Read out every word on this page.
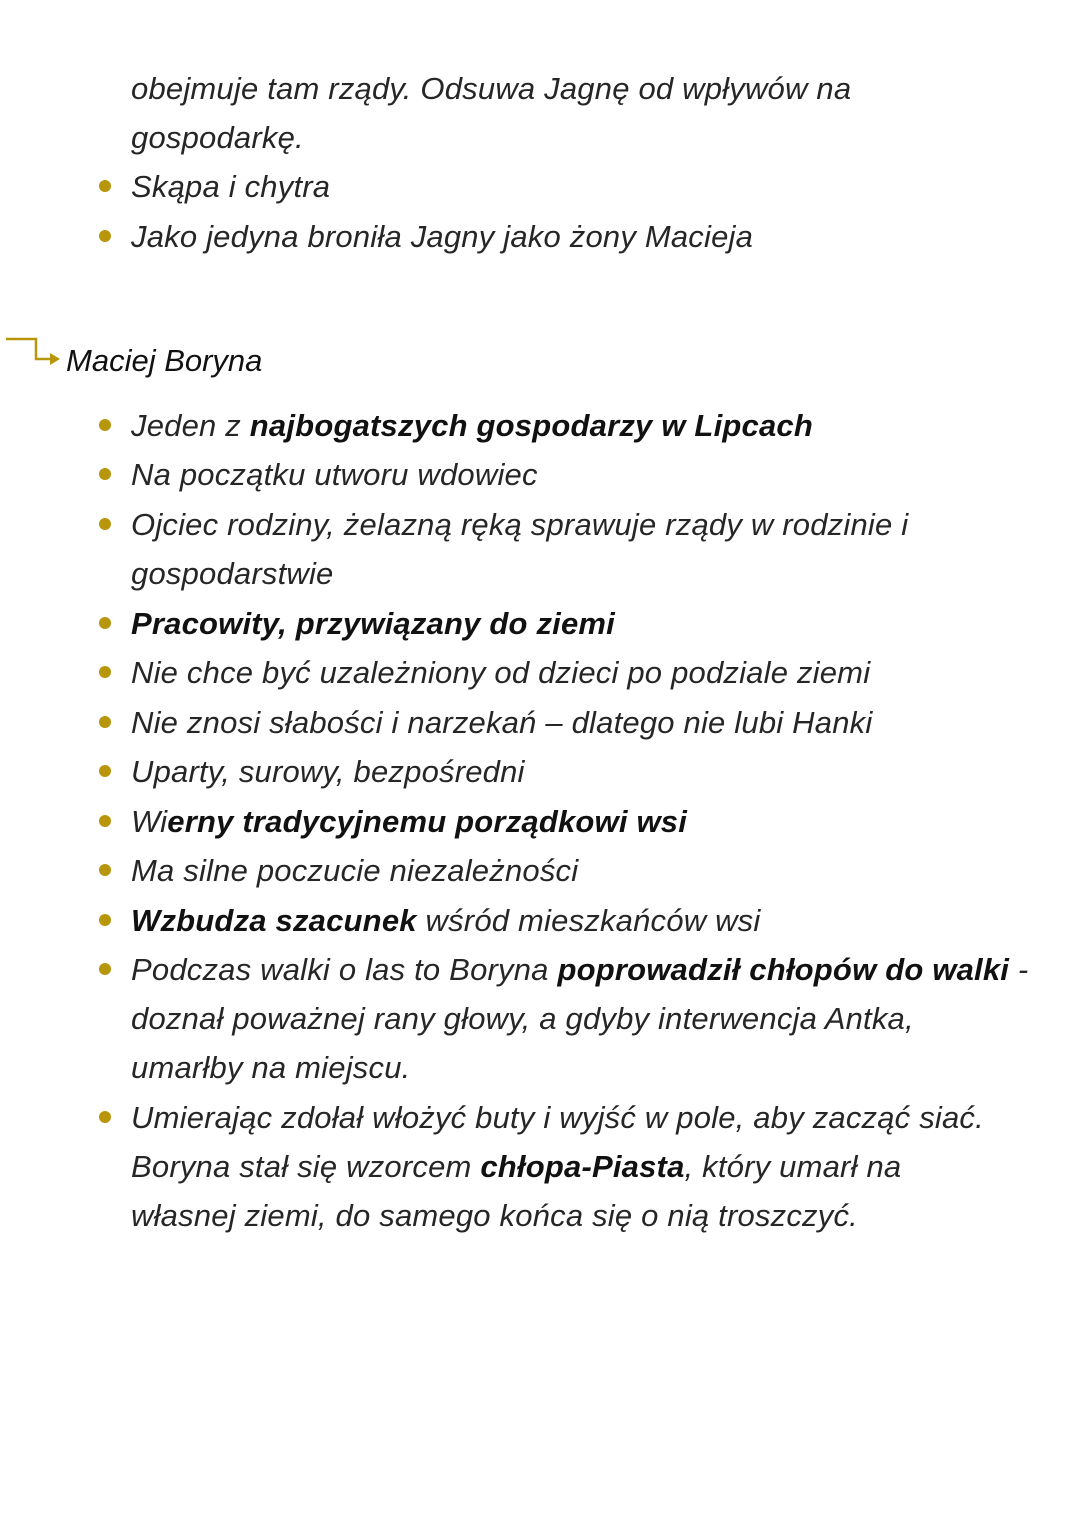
obejmuje tam rządy. Odsuwa Jagnę od wpływów na
gospodarkę.
Skąpa i chytra
Jako jedyna broniła Jagny jako żony Macieja
Maciej Boryna
Jeden z najbogatszych gospodarzy w Lipcach
Na początku utworu wdowiec
Ojciec rodziny, żelazną ręką sprawuje rządy w rodzinie i
gospodarstwie
Pracowity, przywiązany do ziemi
Nie chce być uzależniony od dzieci po podziale ziemi
Nie znosi słabości i narzekań – dlatego nie lubi Hanki
Uparty, surowy, bezpośredni
Wierny tradycyjnemu porządkowi wsi
Ma silne poczucie niezależności
Wzbudza szacunek wśród mieszkańców wsi
Podczas walki o las to Boryna poprowadził chłopów do walki -
doznał poważnej rany głowy, a gdyby interwencja Antka,
umarłby na miejscu.
Umierając zdołał włożyć buty i wyjść w pole, aby zacząć siać.
Boryna stał się wzorcem chłopa-Piasta, który umarł na
własnej ziemi, do samego końca się o nią troszczyć.
